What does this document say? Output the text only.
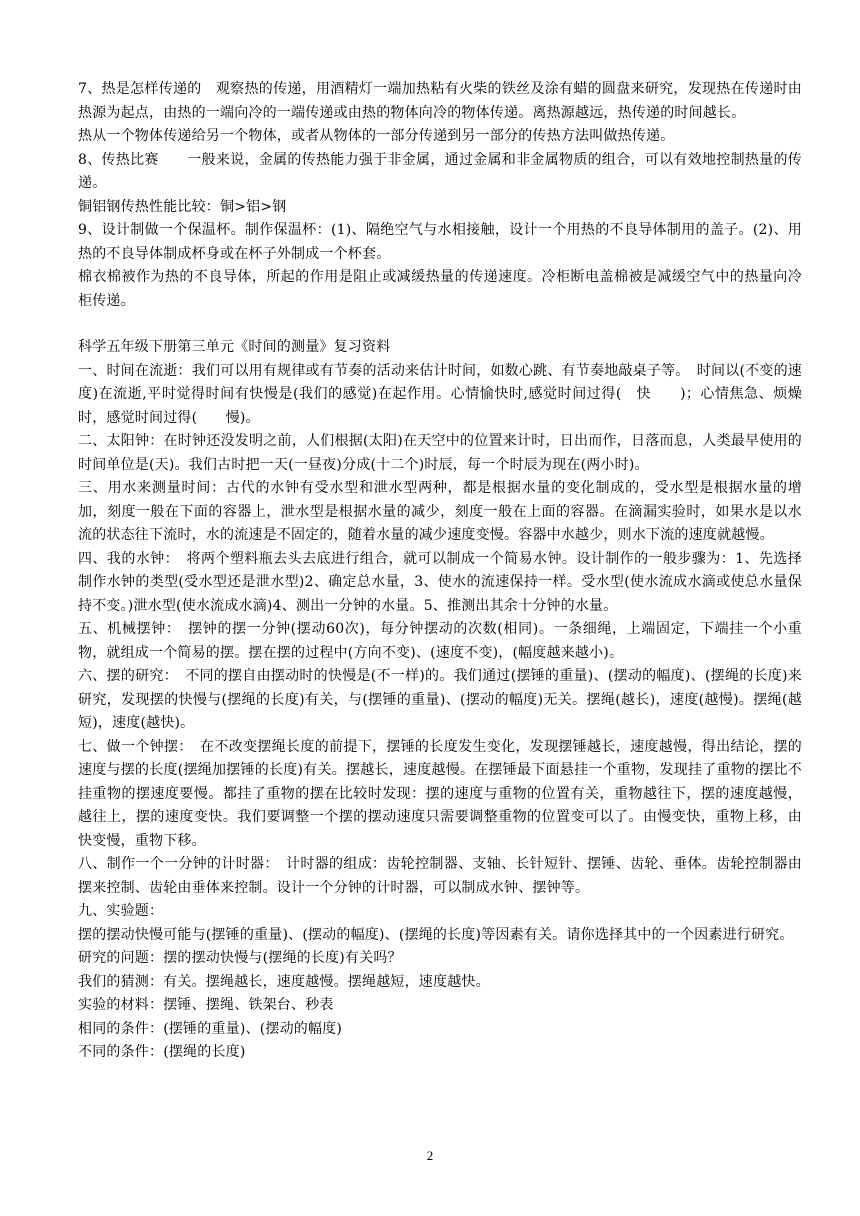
7、热是怎样传递的　观察热的传递，用酒精灯一端加热粘有火柴的铁丝及涂有蜡的圆盘来研究，发现热在传递时由热源为起点，由热的一端向冷的一端传递或由热的物体向冷的物体传递。离热源越远，热传递的时间越长。

热从一个物体传递给另一个物体，或者从物体的一部分传递到另一部分的传热方法叫做热传递。

8、传热比赛　　一般来说，金属的传热能力强于非金属，通过金属和非金属物质的组合，可以有效地控制热量的传递。

铜铝钢传热性能比较：铜>铝>钢

9、设计制做一个保温杯。制作保温杯：(1)、隔绝空气与水相接触，设计一个用热的不良导体制用的盖子。(2)、用热的不良导体制成杯身或在杯子外制成一个杯套。

棉衣棉被作为热的不良导体，所起的作用是阻止或减缓热量的传递速度。冷柜断电盖棉被是减缓空气中的热量向冷柜传递。

科学五年级下册第三单元《时间的测量》复习资料

一、时间在流逝：我们可以用有规律或有节奏的活动来估计时间，如数心跳、有节奏地敲桌子等。　时间以(不变的速度)在流逝,平时觉得时间有快慢是(我们的感觉)在起作用。心情愉快时,感觉时间过得(　快　　)；心情焦急、烦燥时，感觉时间过得(　　慢)。

二、太阳钟：在时钟还没发明之前，人们根据(太阳)在天空中的位置来计时，日出而作，日落而息，人类最早使用的时间单位是(天)。我们古时把一天(一昼夜)分成(十二个)时辰，每一个时辰为现在(两小时)。

三、用水来测量时间：古代的水钟有受水型和泄水型两种，都是根据水量的变化制成的，受水型是根据水量的增加，刻度一般在下面的容器上，泄水型是根据水量的减少，刻度一般在上面的容器。在滴漏实验时，如果水是以水流的状态往下流时，水的流速是不固定的，随着水量的减少速度变慢。容器中水越少，则水下流的速度就越慢。

四、我的水钟：　将两个塑料瓶去头去底进行组合，就可以制成一个简易水钟。设计制作的一般步骤为：1、先选择制作水钟的类型(受水型还是泄水型)2、确定总水量，3、使水的流速保持一样。受水型(使水流成水滴或使总水量保持不变。)泄水型(使水流成水滴)4、测出一分钟的水量。5、推测出其余十分钟的水量。

五、机械摆钟：　摆钟的摆一分钟(摆动60次)，每分钟摆动的次数(相同)。一条细绳，上端固定，下端挂一个小重物，就组成一个简易的摆。摆在摆的过程中(方向不变)、(速度不变)，(幅度越来越小)。

六、摆的研究：　不同的摆自由摆动时的快慢是(不一样)的。我们通过(摆锤的重量)、(摆动的幅度)、(摆绳的长度)来研究，发现摆的快慢与(摆绳的长度)有关，与(摆锤的重量)、(摆动的幅度)无关。摆绳(越长)，速度(越慢)。摆绳(越短)，速度(越快)。

七、做一个钟摆：　在不改变摆绳长度的前提下，摆锤的长度发生变化，发现摆锤越长，速度越慢，得出结论，摆的速度与摆的长度(摆绳加摆锤的长度)有关。摆越长，速度越慢。在摆锤最下面悬挂一个重物，发现挂了重物的摆比不挂重物的摆速度要慢。都挂了重物的摆在比较时发现：摆的速度与重物的位置有关，重物越往下，摆的速度越慢，越往上，摆的速度变快。我们要调整一个摆的摆动速度只需要调整重物的位置变可以了。由慢变快，重物上移，由快变慢，重物下移。

八、制作一个一分钟的计时器：　计时器的组成：齿轮控制器、支轴、长针短针、摆锤、齿轮、垂体。齿轮控制器由摆来控制、齿轮由垂体来控制。设计一个分钟的计时器，可以制成水钟、摆钟等。

九、实验题：

摆的摆动快慢可能与(摆锤的重量)、(摆动的幅度)、(摆绳的长度)等因素有关。请你选择其中的一个因素进行研究。

研究的问题：摆的摆动快慢与(摆绳的长度)有关吗？

我们的猜测：有关。摆绳越长，速度越慢。摆绳越短，速度越快。

实验的材料：摆锤、摆绳、铁架台、秒表

相同的条件：(摆锤的重量)、(摆动的幅度)

不同的条件：(摆绳的长度)

2
